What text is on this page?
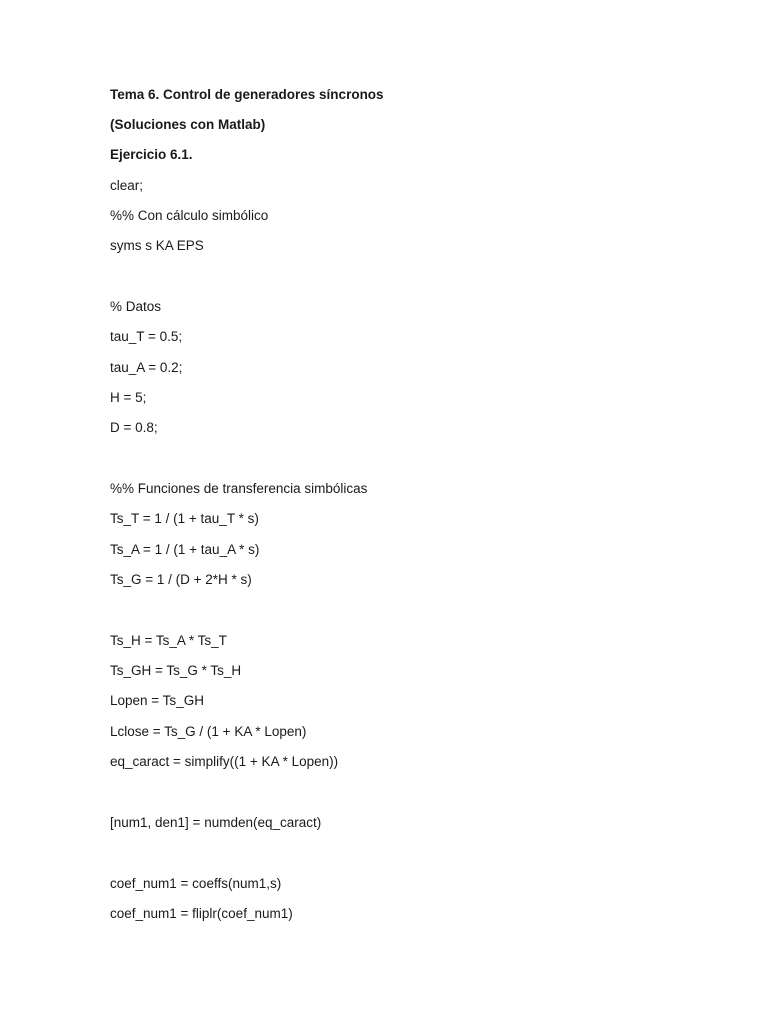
Tema 6. Control de generadores síncronos
(Soluciones con Matlab)
Ejercicio 6.1.
clear;
%% Con cálculo simbólico
syms s KA EPS
% Datos
tau_T = 0.5;
tau_A = 0.2;
H = 5;
D = 0.8;
%% Funciones de transferencia simbólicas
Ts_T = 1 / (1 + tau_T * s)
Ts_A = 1 / (1 + tau_A * s)
Ts_G = 1 / (D + 2*H * s)
Ts_H = Ts_A * Ts_T
Ts_GH = Ts_G * Ts_H
Lopen = Ts_GH
Lclose = Ts_G / (1 + KA * Lopen)
eq_caract = simplify((1 + KA * Lopen))
[num1, den1] = numden(eq_caract)
coef_num1 = coeffs(num1,s)
coef_num1 = fliplr(coef_num1)
